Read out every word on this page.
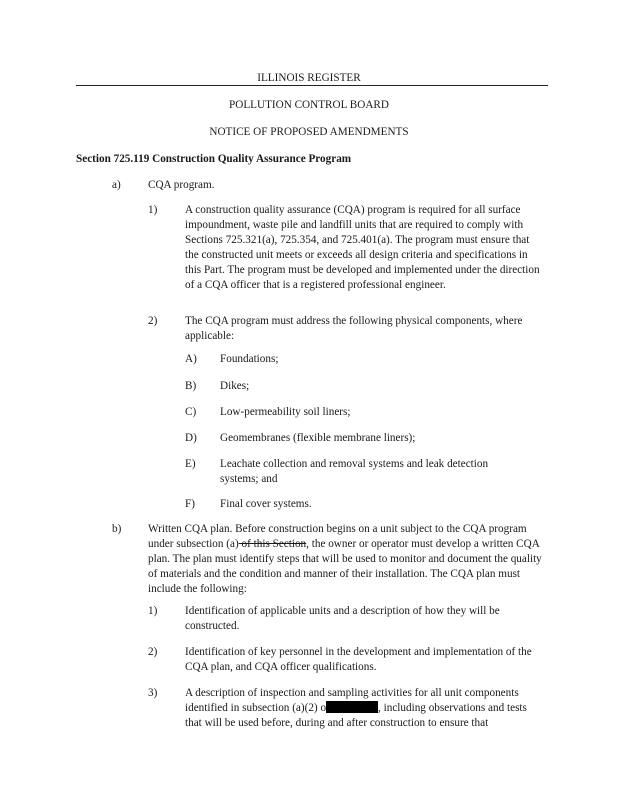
ILLINOIS REGISTER
POLLUTION CONTROL BOARD
NOTICE OF PROPOSED AMENDMENTS
Section 725.119 Construction Quality Assurance Program
a) CQA program.
1) A construction quality assurance (CQA) program is required for all surface impoundment, waste pile and landfill units that are required to comply with Sections 725.321(a), 725.354, and 725.401(a). The program must ensure that the constructed unit meets or exceeds all design criteria and specifications in this Part. The program must be developed and implemented under the direction of a CQA officer that is a registered professional engineer.
2) The CQA program must address the following physical components, where applicable:
A) Foundations;
B) Dikes;
C) Low-permeability soil liners;
D) Geomembranes (flexible membrane liners);
E) Leachate collection and removal systems and leak detection systems; and
F) Final cover systems.
b) Written CQA plan. Before construction begins on a unit subject to the CQA program under subsection (a) of this Section, the owner or operator must develop a written CQA plan. The plan must identify steps that will be used to monitor and document the quality of materials and the condition and manner of their installation. The CQA plan must include the following:
1) Identification of applicable units and a description of how they will be constructed.
2) Identification of key personnel in the development and implementation of the CQA plan, and CQA officer qualifications.
3) A description of inspection and sampling activities for all unit components identified in subsection (a)(2) o	, including observations and tests that will be used before, during and after construction to ensure that
